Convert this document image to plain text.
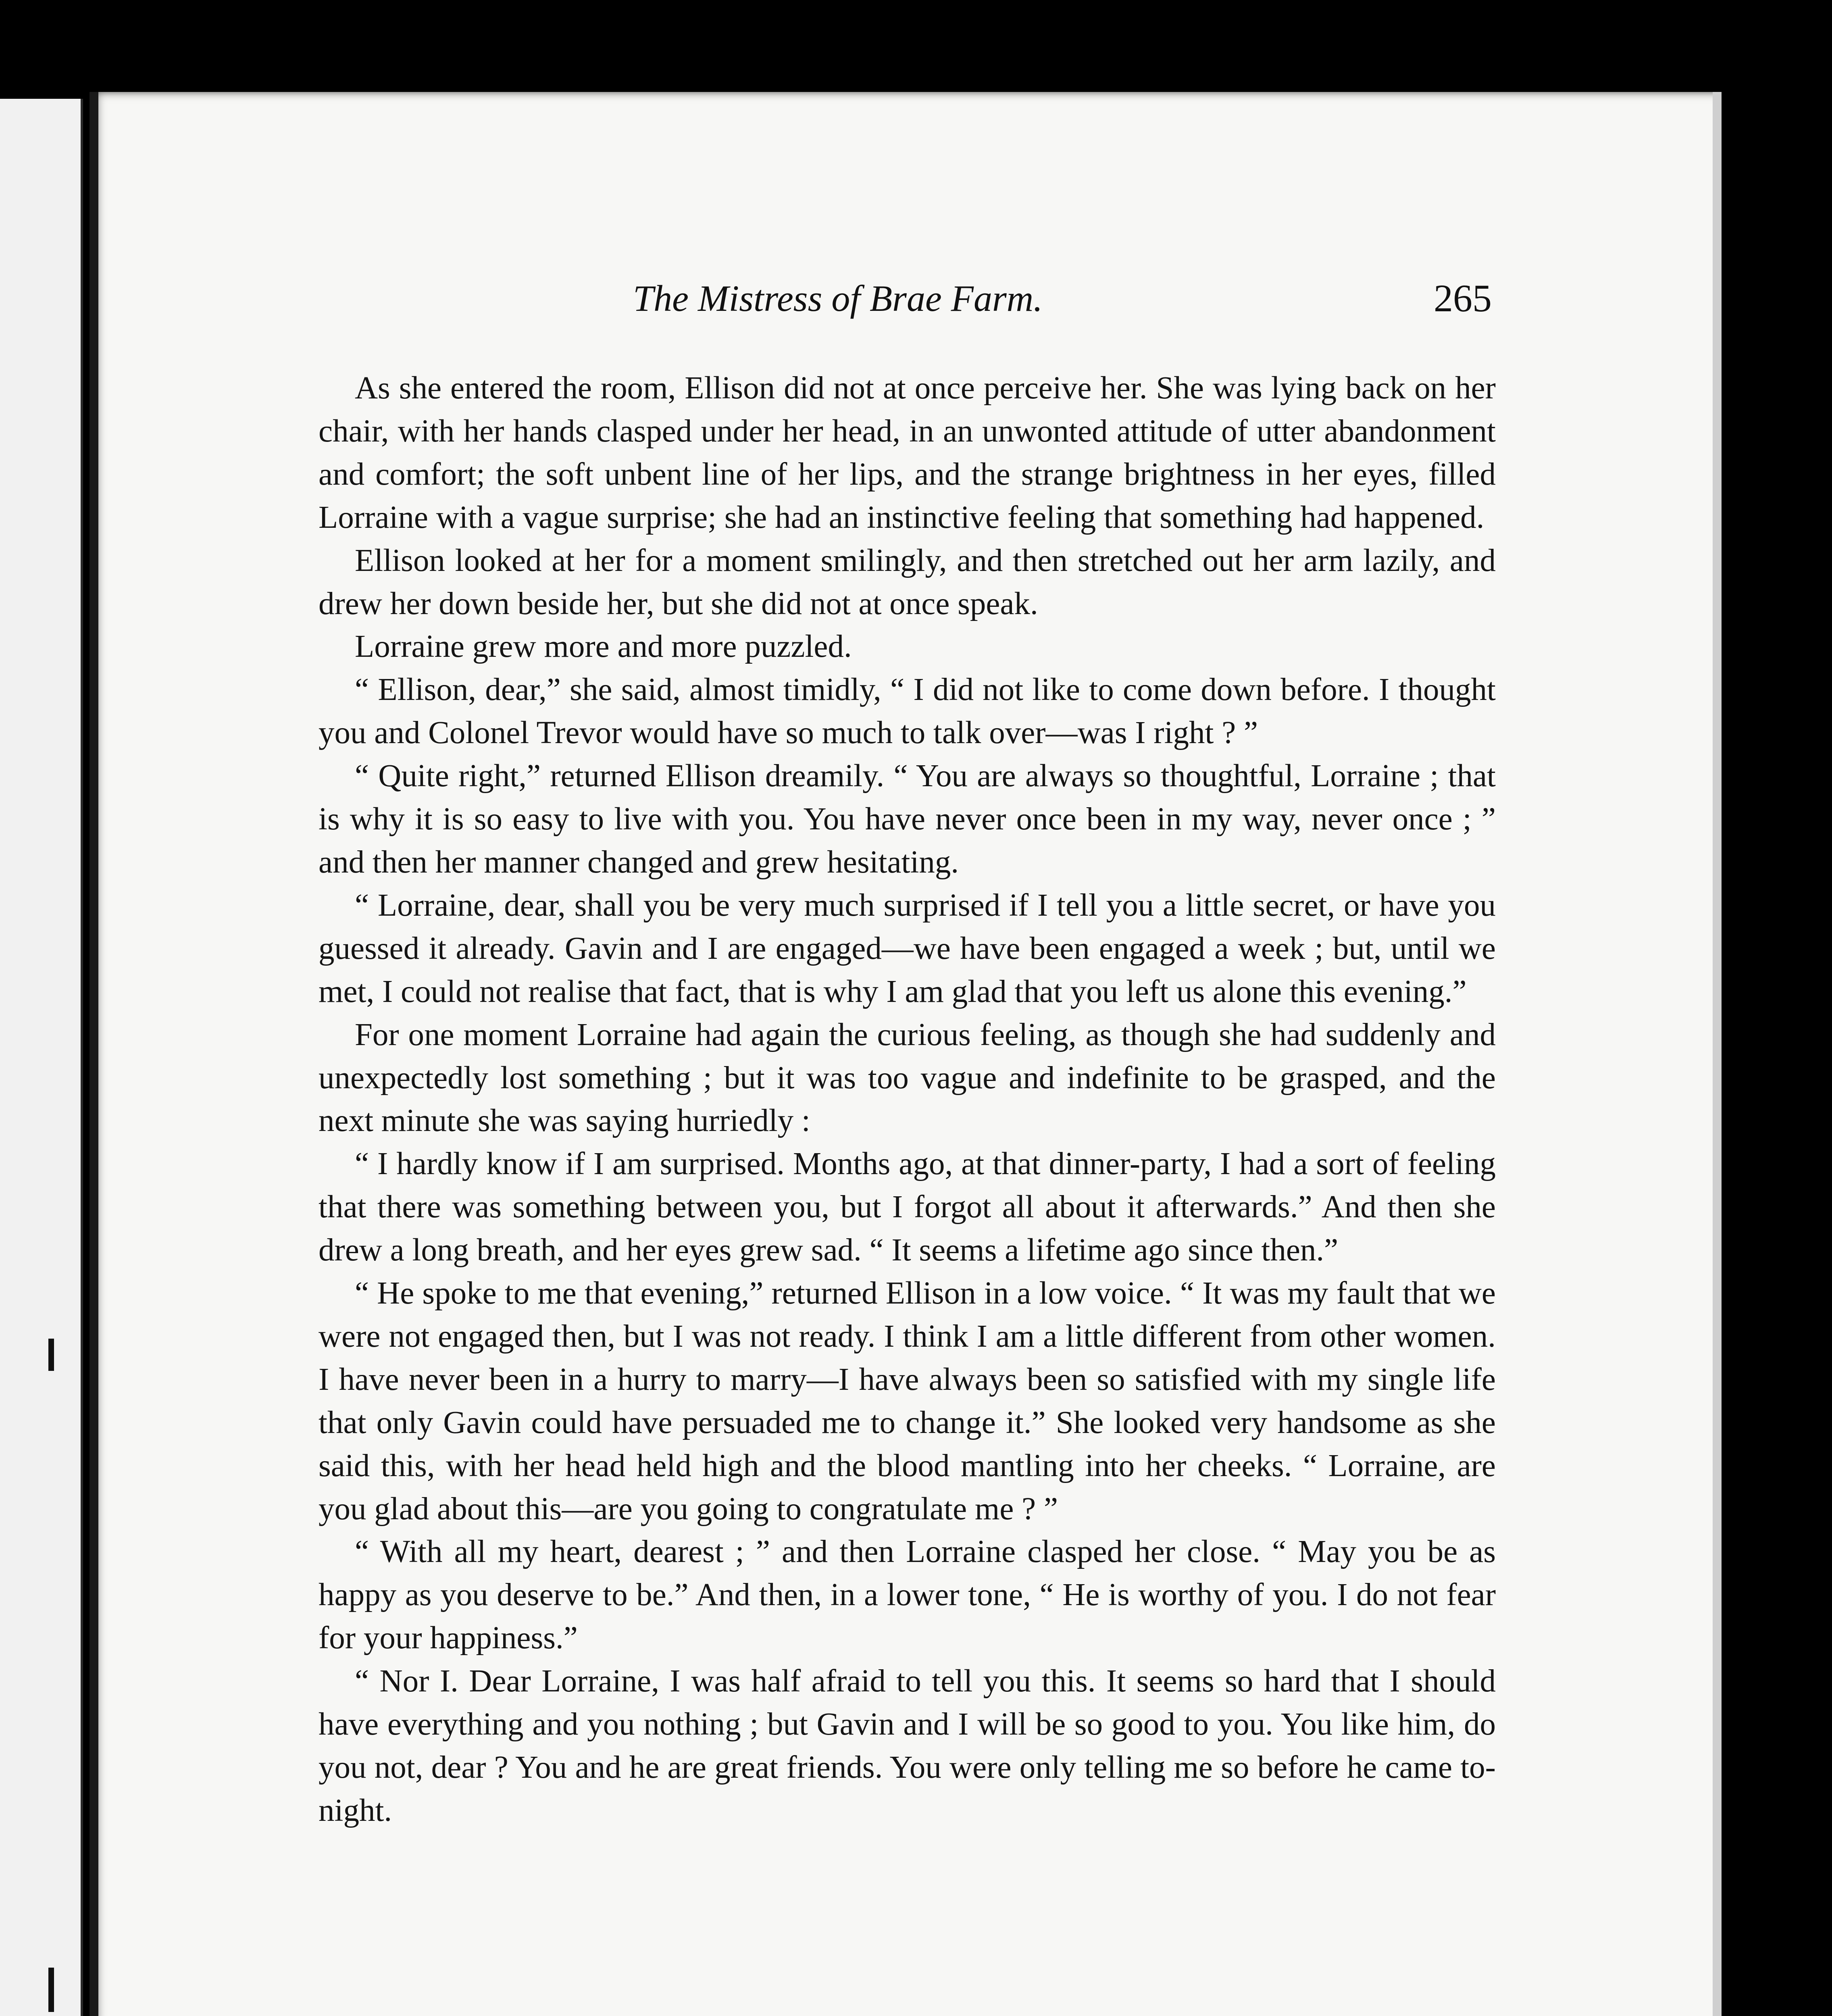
The Mistress of Brae Farm.	265

As she entered the room, Ellison did not at once perceive her. She was lying back on her chair, with her hands clasped under her head, in an unwonted attitude of utter abandonment and comfort; the soft unbent line of her lips, and the strange brightness in her eyes, filled Lorraine with a vague surprise; she had an instinctive feeling that something had happened.

Ellison looked at her for a moment smilingly, and then stretched out her arm lazily, and drew her down beside her, but she did not at once speak.

Lorraine grew more and more puzzled.

“ Ellison, dear,” she said, almost timidly, “ I did not like to come down before. I thought you and Colonel Trevor would have so much to talk over—was I right ? ”

“ Quite right,” returned Ellison dreamily. “ You are always so thoughtful, Lorraine ; that is why it is so easy to live with you. You have never once been in my way, never once ; ” and then her manner changed and grew hesitating.

“ Lorraine, dear, shall you be very much surprised if I tell you a little secret, or have you guessed it already. Gavin and I are engaged—we have been engaged a week ; but, until we met, I could not realise that fact, that is why I am glad that you left us alone this evening.”

For one moment Lorraine had again the curious feeling, as though she had suddenly and unexpectedly lost something ; but it was too vague and indefinite to be grasped, and the next minute she was saying hurriedly :

“ I hardly know if I am surprised. Months ago, at that dinner-party, I had a sort of feeling that there was something between you, but I forgot all about it afterwards.” And then she drew a long breath, and her eyes grew sad. “ It seems a lifetime ago since then.”

“ He spoke to me that evening,” returned Ellison in a low voice. “ It was my fault that we were not engaged then, but I was not ready. I think I am a little different from other women. I have never been in a hurry to marry—I have always been so satisfied with my single life that only Gavin could have persuaded me to change it.” She looked very handsome as she said this, with her head held high and the blood mantling into her cheeks. “ Lorraine, are you glad about this—are you going to congratulate me ? ”

“ With all my heart, dearest ; ” and then Lorraine clasped her close. “ May you be as happy as you deserve to be.” And then, in a lower tone, “ He is worthy of you. I do not fear for your happiness.”

“ Nor I. Dear Lorraine, I was half afraid to tell you this. It seems so hard that I should have everything and you nothing ; but Gavin and I will be so good to you. You like him, do you not, dear ? You and he are great friends. You were only telling me so before he came to-night.
